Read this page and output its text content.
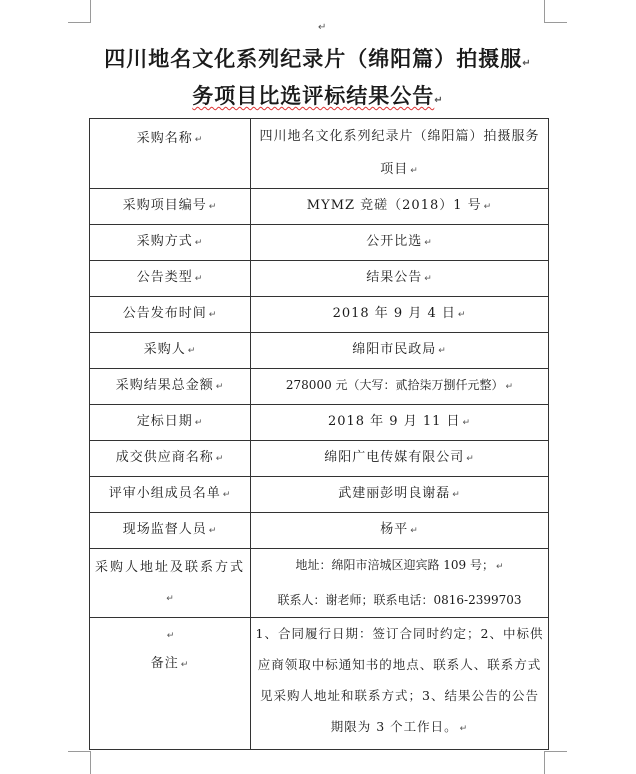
↵
四川地名文化系列纪录片（绵阳篇）拍摄服↵
务项目比选评标结果公告↵
采购名称 ↵	四川地名文化系列纪录片（绵阳篇）拍摄服务项目 ↵
采购项目编号 ↵	MYMZ 竞磋（2018）1 号 ↵
采购方式 ↵	公开比选 ↵
公告类型 ↵	结果公告 ↵
公告发布时间 ↵	2018 年 9 月 4 日 ↵
采购人 ↵	绵阳市民政局 ↵
采购结果总金额 ↵	278000 元（大写：贰拾柒万捌仟元整） ↵
定标日期 ↵	2018 年 9 月 11 日 ↵
成交供应商名称 ↵	绵阳广电传媒有限公司 ↵
评审小组成员名单 ↵	武建丽彭明良谢磊 ↵
现场监督人员 ↵	杨平 ↵
采购人地址及联系方式↵	地址：绵阳市涪城区迎宾路 109 号； ↵
联系人：谢老师；联系电话：0816-2399703

↵
备注 ↵	1、合同履行日期：签订合同时约定；2、中标供应商领取中标通知书的地点、联系人、联系方式见采购人地址和联系方式；3、结果公告的公告期限为 3 个工作日。 ↵
